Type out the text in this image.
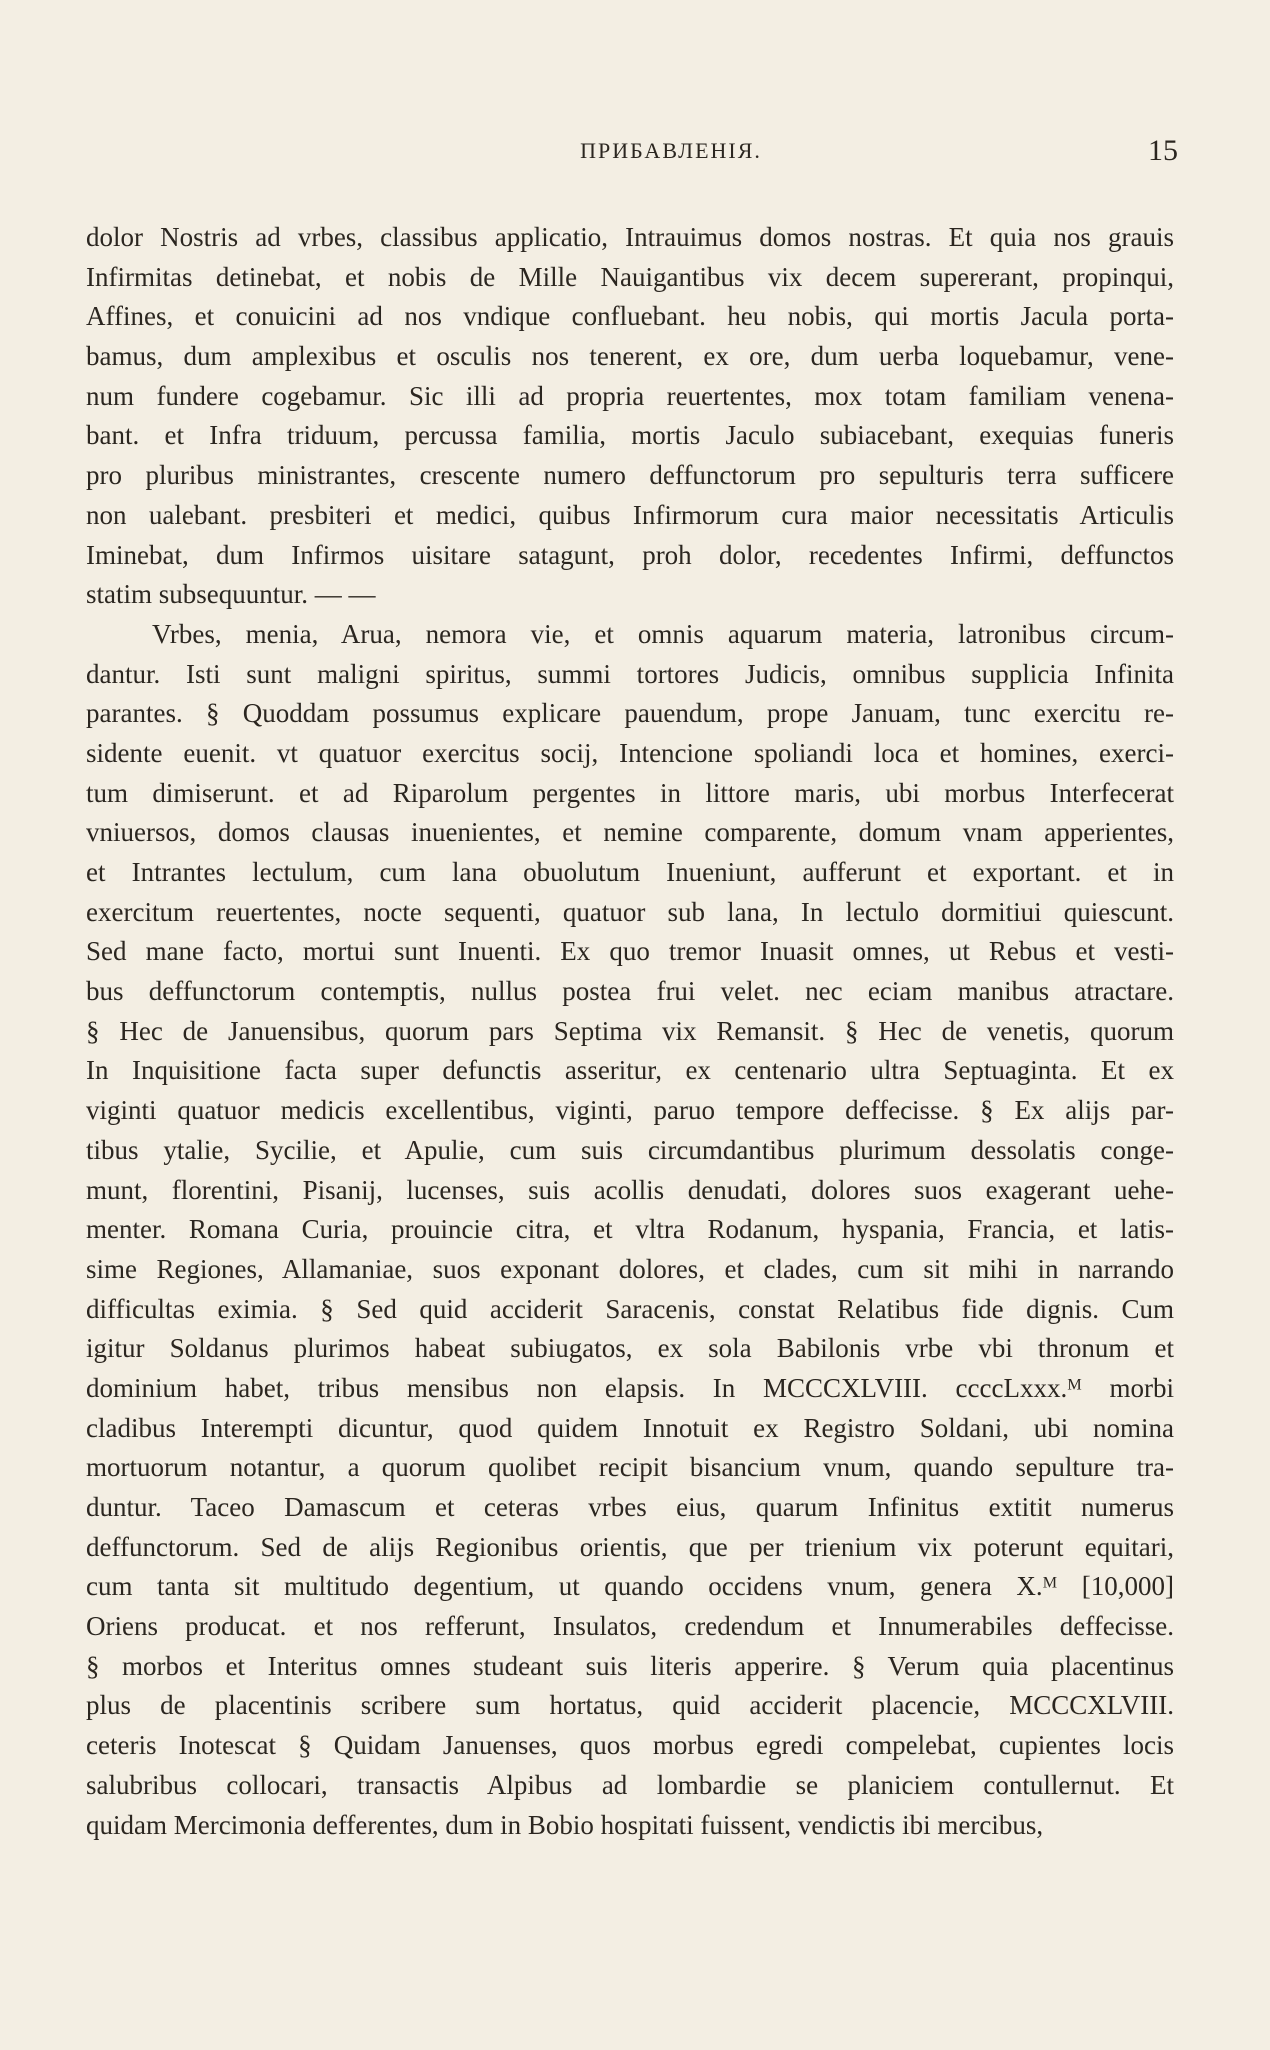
ПРИБАВЛЕНIЯ.	15
dolor Nostris ad vrbes, classibus applicatio, Intrauimus domos nostras. Et quia nos grauis
Infirmitas detinebat, et nobis de Mille Nauigantibus vix decem supererant, propinqui,
Affines, et conuicini ad nos vndique confluebant. heu nobis, qui mortis Jacula porta-
bamus, dum amplexibus et osculis nos tenerent, ex ore, dum uerba loquebamur, vene-
num fundere cogebamur. Sic illi ad propria reuertentes, mox totam familiam venena-
bant. et Infra triduum, percussa familia, mortis Jaculo subiacebant, exequias funeris
pro pluribus ministrantes, crescente numero deffunctorum pro sepulturis terra sufficere
non ualebant. presbiteri et medici, quibus Infirmorum cura maior necessitatis Articulis
Iminebat, dum Infirmos uisitare satagunt, proh dolor, recedentes Infirmi, deffunctos
statim subsequuntur. — —
Vrbes, menia, Arua, nemora vie, et omnis aquarum materia, latronibus circum-
dantur. Isti sunt maligni spiritus, summi tortores Judicis, omnibus supplicia Infinita
parantes. § Quoddam possumus explicare pauendum, prope Januam, tunc exercitu re-
sidente euenit. vt quatuor exercitus socij, Intencione spoliandi loca et homines, exerci-
tum dimiserunt. et ad Riparolum pergentes in littore maris, ubi morbus Interfecerat
vniuersos, domos clausas inuenientes, et nemine comparente, domum vnam apperientes,
et Intrantes lectulum, cum lana obuolutum Inueniunt, aufferunt et exportant. et in
exercitum reuertentes, nocte sequenti, quatuor sub lana, In lectulo dormitiui quiescunt.
Sed mane facto, mortui sunt Inuenti. Ex quo tremor Inuasit omnes, ut Rebus et vesti-
bus deffunctorum contemptis, nullus postea frui velet. nec eciam manibus atractare.
§ Hec de Januensibus, quorum pars Septima vix Remansit. § Hec de venetis, quorum
In Inquisitione facta super defunctis asseritur, ex centenario ultra Septuaginta. Et ex
viginti quatuor medicis excellentibus, viginti, paruo tempore deffecisse. § Ex alijs par-
tibus ytalie, Sycilie, et Apulie, cum suis circumdantibus plurimum dessolatis conge-
munt, florentini, Pisanij, lucenses, suis acollis denudati, dolores suos exagerant uehe-
menter. Romana Curia, prouincie citra, et vltra Rodanum, hyspania, Francia, et latis-
sime Regiones, Allamaniae, suos exponant dolores, et clades, cum sit mihi in narrando
difficultas eximia. § Sed quid acciderit Saracenis, constat Relatibus fide dignis. Cum
igitur Soldanus plurimos habeat subiugatos, ex sola Babilonis vrbe vbi thronum et
dominium habet, tribus mensibus non elapsis. In MCCCXLVIII. ccccLxxx.ᴹ morbi
cladibus Interempti dicuntur, quod quidem Innotuit ex Registro Soldani, ubi nomina
mortuorum notantur, a quorum quolibet recipit bisancium vnum, quando sepulture tra-
duntur. Taceo Damascum et ceteras vrbes eius, quarum Infinitus extitit numerus
deffunctorum. Sed de alijs Regionibus orientis, que per trienium vix poterunt equitari,
cum tanta sit multitudo degentium, ut quando occidens vnum, genera X.ᴹ [10,000]
Oriens producat. et nos refferunt, Insulatos, credendum et Innumerabiles deffecisse.
§ morbos et Interitus omnes studeant suis literis apperire. § Verum quia placentinus
plus de placentinis scribere sum hortatus, quid acciderit placencie, MCCCXLVIII.
ceteris Inotescat § Quidam Januenses, quos morbus egredi compelebat, cupientes locis
salubribus collocari, transactis Alpibus ad lombardie se planiciem contullernut. Et
quidam Mercimonia defferentes, dum in Bobio hospitati fuissent, vendictis ibi mercibus,
